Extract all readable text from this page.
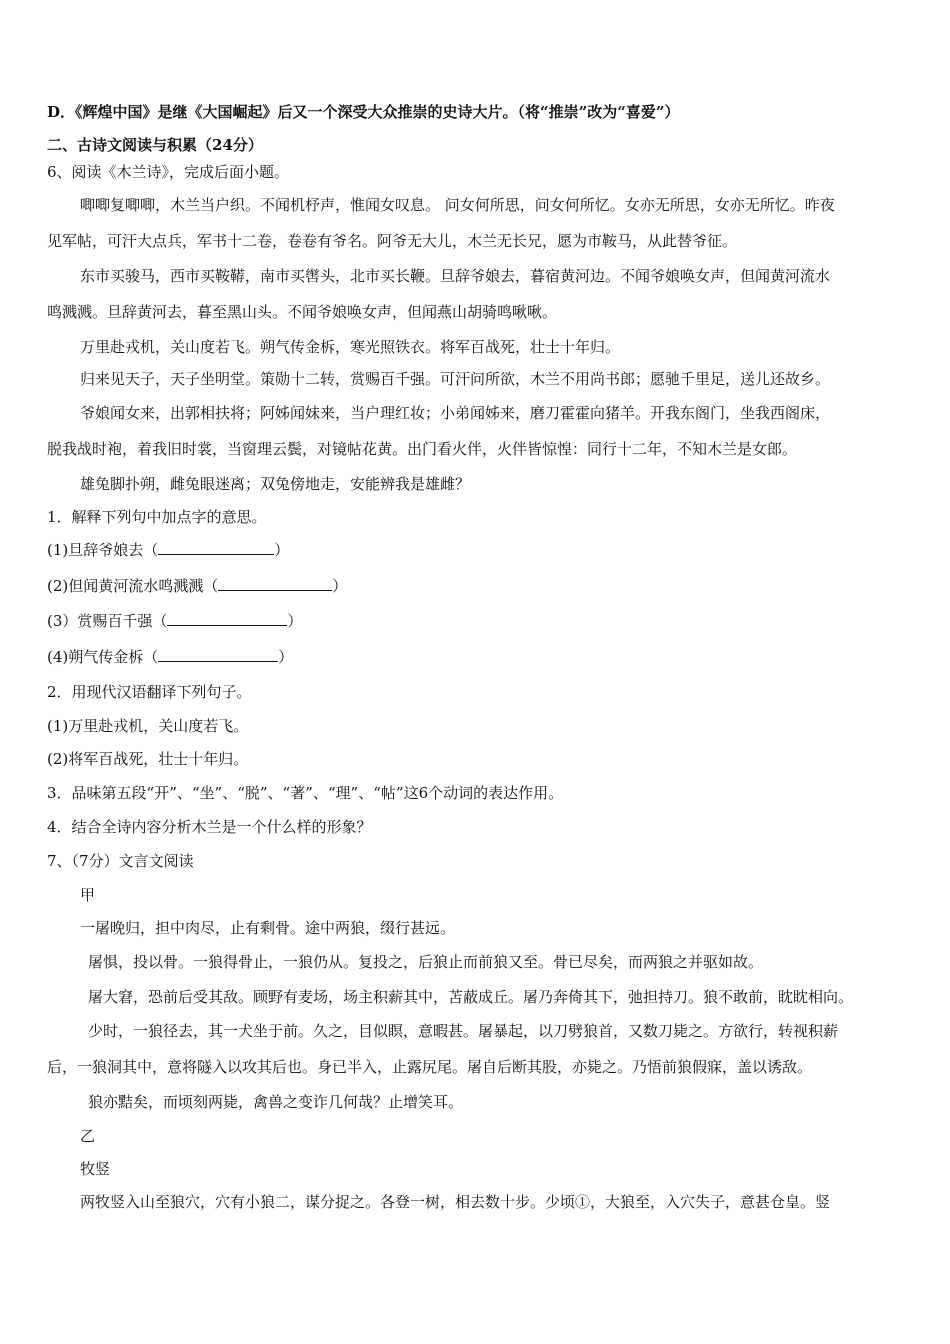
D．《辉煌中国》是继《大国崛起》后又一个深受大众推崇的史诗大片。（将“推崇”改为“喜爱”）
二、古诗文阅读与积累（24分）
6、阅读《木兰诗》，完成后面小题。
唧唧复唧唧，木兰当户织。不闻机杼声，惟闻女叹息。 问女何所思，问女何所忆。女亦无所思，女亦无所忆。昨夜
见军帖，可汗大点兵，军书十二卷，卷卷有爷名。阿爷无大儿，木兰无长兄，愿为市鞍马，从此替爷征。
东市买骏马，西市买鞍鞯，南市买辔头，北市买长鞭。旦辞爷娘去，暮宿黄河边。不闻爷娘唤女声，但闻黄河流水
鸣溅溅。旦辞黄河去，暮至黑山头。不闻爷娘唤女声，但闻燕山胡骑鸣啾啾。
万里赴戎机，关山度若飞。朔气传金柝，寒光照铁衣。将军百战死，壮士十年归。
归来见天子，天子坐明堂。策勋十二转，赏赐百千强。可汗问所欲，木兰不用尚书郎；愿驰千里足，送儿还故乡。
爷娘闻女来，出郭相扶将；阿姊闻妹来，当户理红妆；小弟闻姊来，磨刀霍霍向猪羊。开我东阁门，坐我西阁床，
脱我战时袍，着我旧时裳，当窗理云鬓，对镜帖花黄。出门看火伴，火伴皆惊惶：同行十二年，不知木兰是女郎。
雄兔脚扑朔，雌兔眼迷离；双兔傍地走，安能辨我是雄雌？
1．解释下列句中加点字的意思。
(1)旦辞爷娘去（	）
(2)但闻黄河流水鸣溅溅（	）
(3）赏赐百千强（	）
(4)朔气传金柝（	）
2．用现代汉语翻译下列句子。
(1)万里赴戎机，关山度若飞。
(2)将军百战死，壮士十年归。
3．品味第五段“开”、“坐”、“脱”、“著”、“理”、“帖”这6个动词的表达作用。
4．结合全诗内容分析木兰是一个什么样的形象？
7、（7分）文言文阅读
甲
一屠晚归，担中肉尽，止有剩骨。途中两狼，缀行甚远。
屠惧，投以骨。一狼得骨止，一狼仍从。复投之，后狼止而前狼又至。骨已尽矣，而两狼之并驱如故。
屠大窘，恐前后受其敌。顾野有麦场，场主积薪其中，苫蔽成丘。屠乃奔倚其下，弛担持刀。狼不敢前，眈眈相向。
少时，一狼径去，其一犬坐于前。久之，目似瞑，意暇甚。屠暴起，以刀劈狼首，又数刀毙之。方欲行，转视积薪
后，一狼洞其中，意将隧入以攻其后也。身已半入，止露尻尾。屠自后断其股，亦毙之。乃悟前狼假寐，盖以诱敌。
狼亦黠矣，而顷刻两毙，禽兽之变诈几何哉？止增笑耳。
乙
牧竖
两牧竖入山至狼穴，穴有小狼二，谋分捉之。各登一树，相去数十步。少顷①，大狼至，入穴失子，意甚仓皇。竖
